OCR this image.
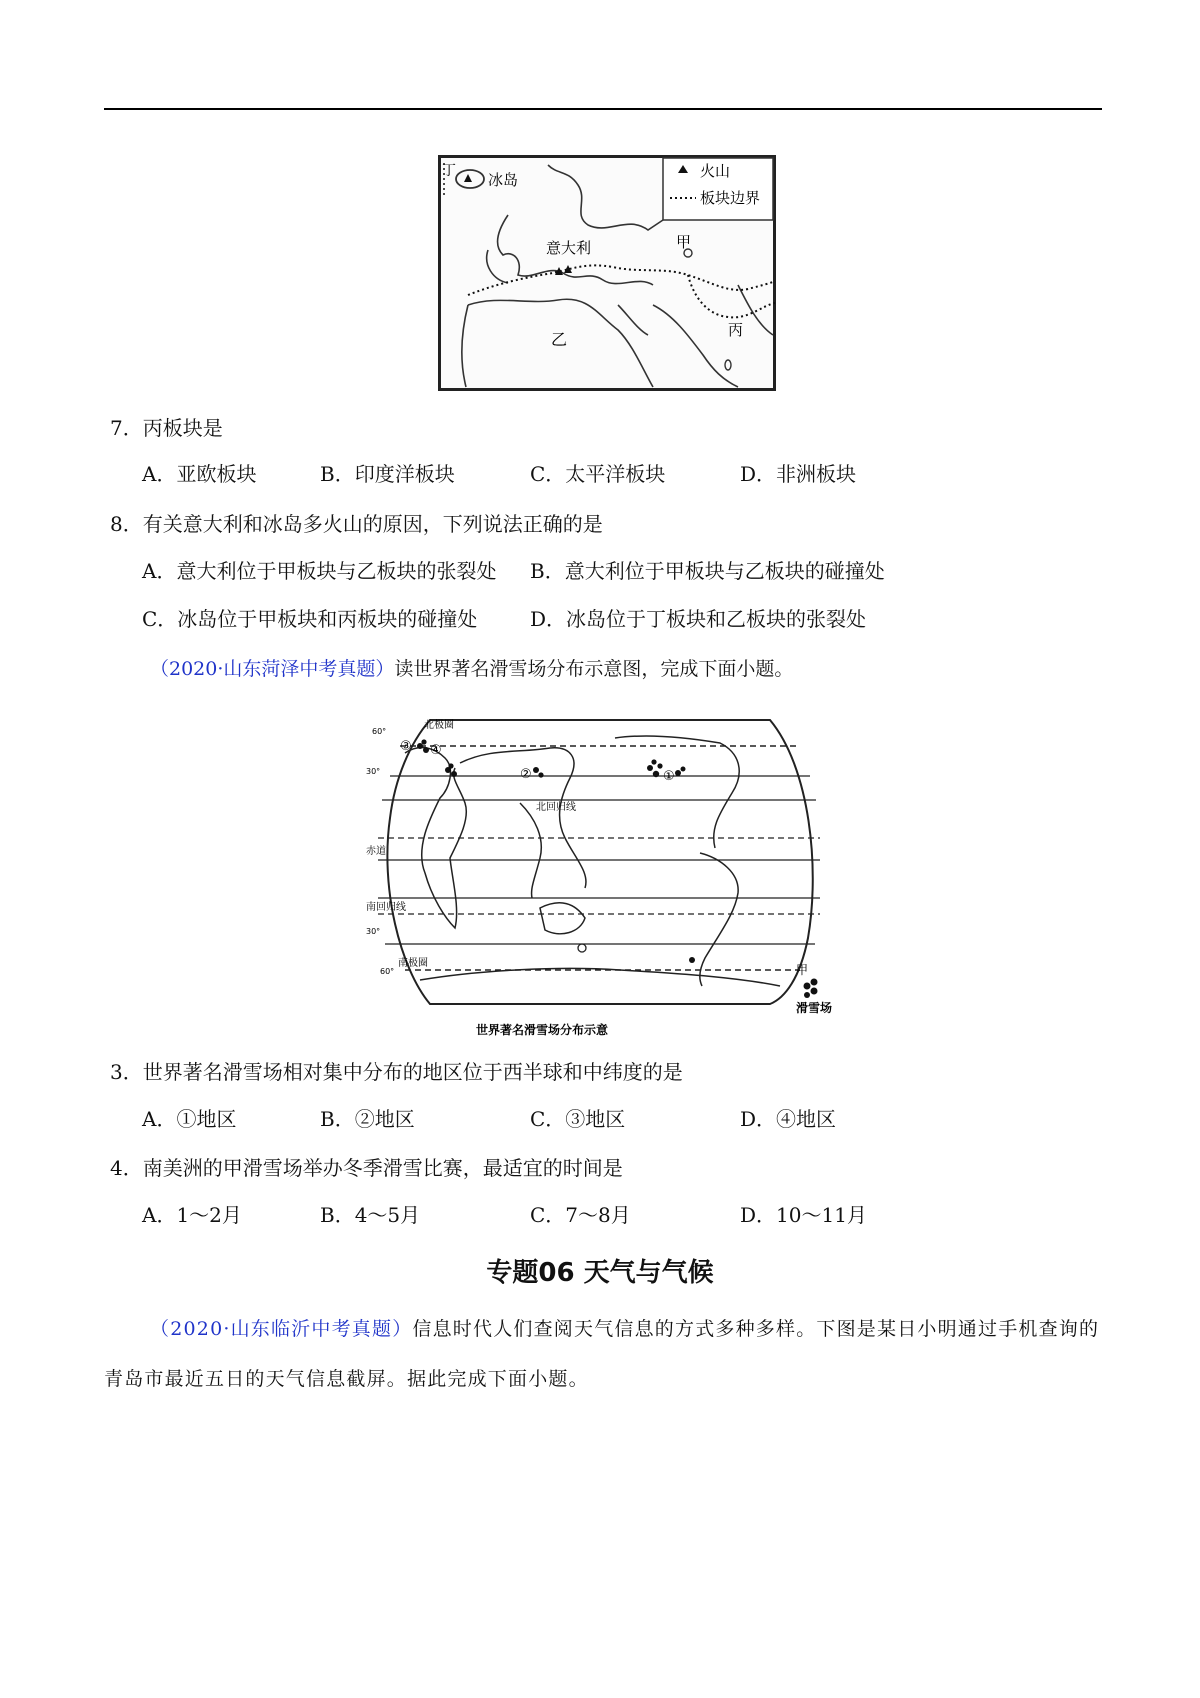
火山
板块边界
丁 冰岛
意大利	甲
乙	丙
7．丙板块是
A．亚欧板块	B．印度洋板块	C．太平洋板块	D．非洲板块
8．有关意大利和冰岛多火山的原因，下列说法正确的是
A．意大利位于甲板块与乙板块的张裂处 B．意大利位于甲板块与乙板块的碰撞处
C．冰岛位于甲板块和丙板块的碰撞处	D．冰岛位于丁板块和乙板块的张裂处
（2020·山东菏泽中考真题）读世界著名滑雪场分布示意图，完成下面小题。
③ ④
②	①
北极圈
北回归线
赤道
南回归线
南极圈
60°
30°
30°
60°	甲
滑雪场
世界著名滑雪场分布示意
3．世界著名滑雪场相对集中分布的地区位于西半球和中纬度的是
A．①地区	B．②地区	C．③地区	D．④地区
4．南美洲的甲滑雪场举办冬季滑雪比赛，最适宜的时间是
A．1～2月	B．4～5月	C．7～8月	D．10～11月
专题06 天气与气候
（2020·山东临沂中考真题）信息时代人们查阅天气信息的方式多种多样。下图是某日小明通过手机查询的青岛市最近五日的天气信息截屏。据此完成下面小题。
